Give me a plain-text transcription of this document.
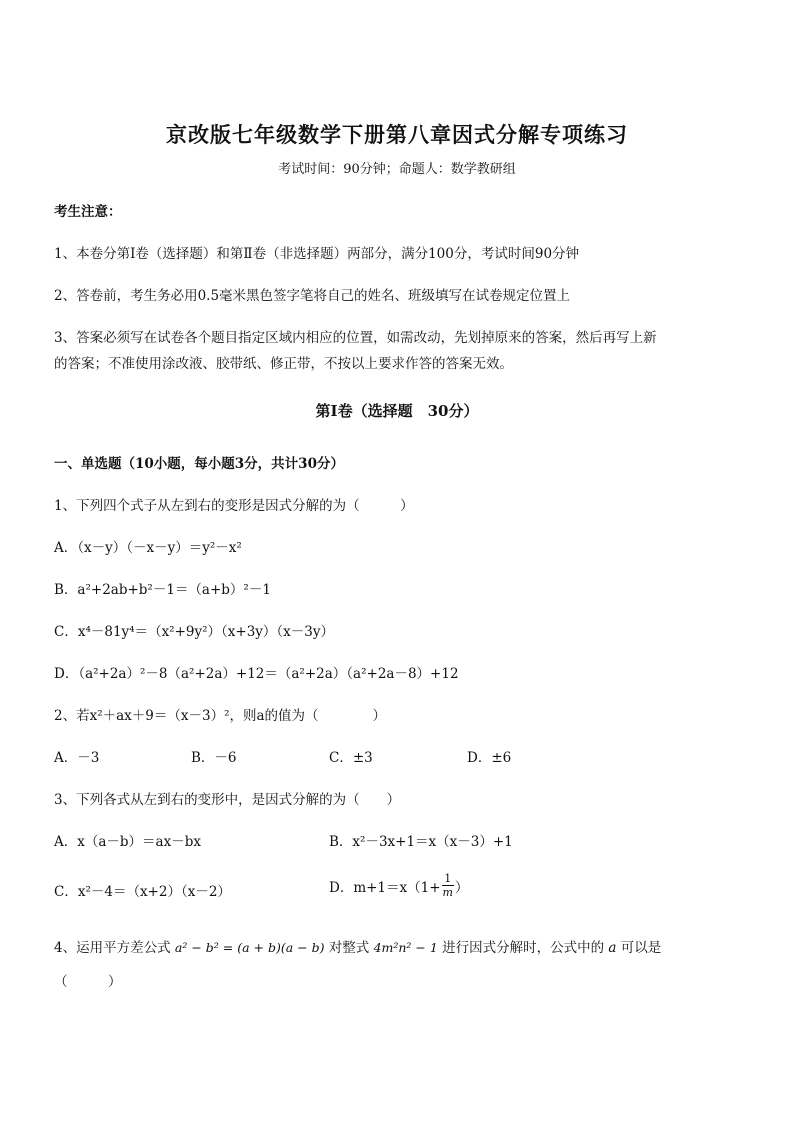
京改版七年级数学下册第八章因式分解专项练习
考试时间：90分钟；命题人：数学教研组
考生注意：
1、本卷分第Ⅰ卷（选择题）和第Ⅱ卷（非选择题）两部分，满分100分，考试时间90分钟
2、答卷前，考生务必用0.5毫米黑色签字笔将自己的姓名、班级填写在试卷规定位置上
3、答案必须写在试卷各个题目指定区域内相应的位置，如需改动，先划掉原来的答案，然后再写上新
的答案；不准使用涂改液、胶带纸、修正带，不按以上要求作答的答案无效。
第Ⅰ卷（选择题　30分）
一、单选题（10小题，每小题3分，共计30分）
1、下列四个式子从左到右的变形是因式分解的为（　　　）
A．（x－y）（－x－y）＝y²－x²
B．a²+2ab+b²－1＝（a+b）²－1
C．x⁴－81y⁴＝（x²+9y²）（x+3y）（x－3y）
D．（a²+2a）²－8（a²+2a）+12＝（a²+2a）（a²+2a－8）+12
2、若x²＋ax＋9＝（x－3）²，则a的值为（　　　　）
A．－3	B．－6	C．±3	D．±6
3、下列各式从左到右的变形中，是因式分解的为（　　）
A．x（a－b）＝ax－bx	B．x²－3x+1＝x（x－3）+1
C．x²－4＝（x+2）（x－2）	D．$m+1=x(1+ \frac{1}{m}$ ）
4、运用平方差公式 a² − b² = (a + b)(a − b) 对整式 4m²n² − 1 进行因式分解时，公式中的 a 可以是
（　　　）
